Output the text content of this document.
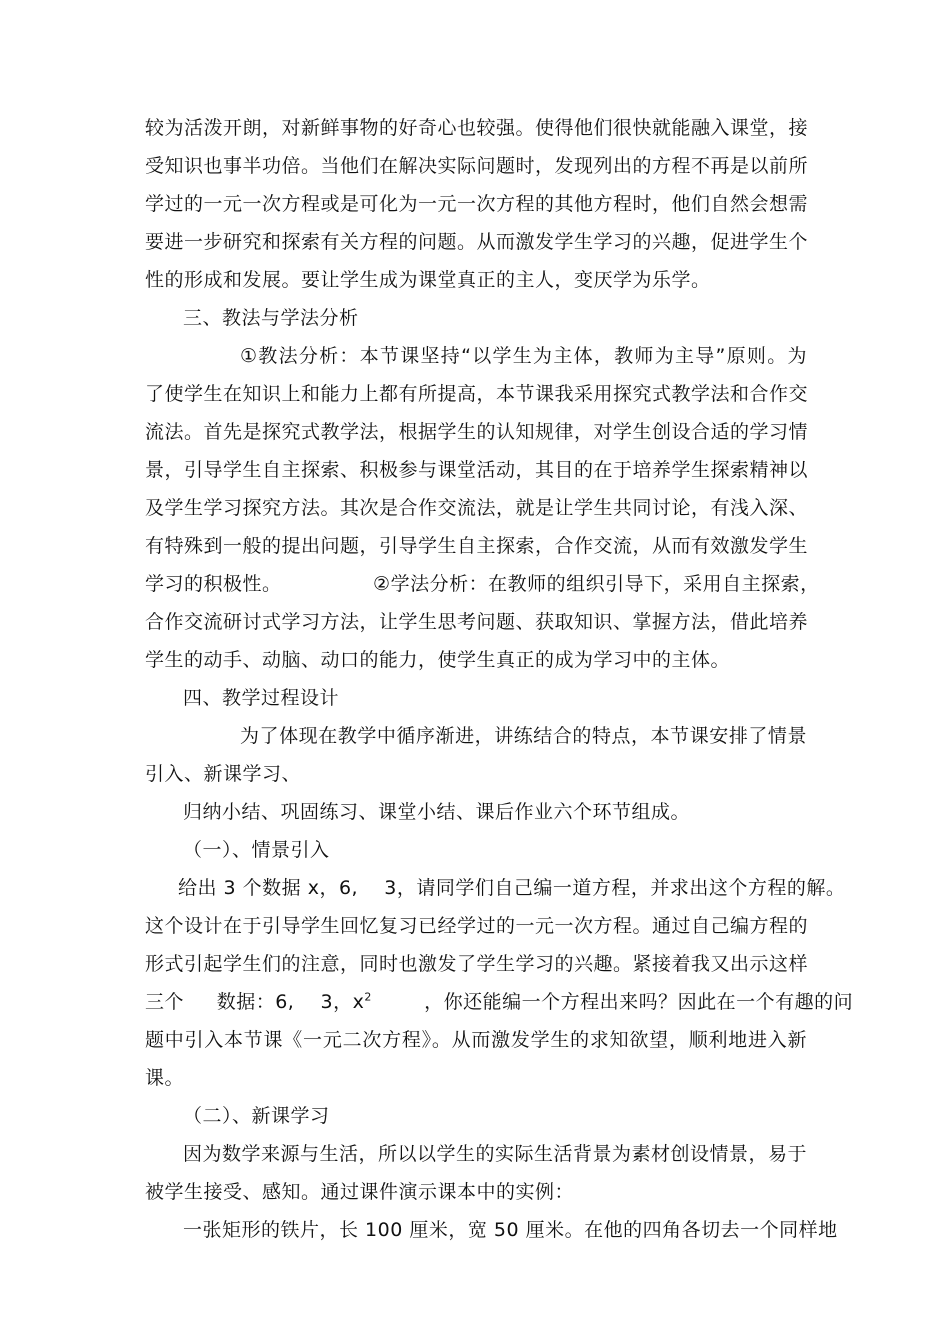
较为活泼开朗，对新鲜事物的好奇心也较强。使得他们很快就能融入课堂，接
受知识也事半功倍。当他们在解决实际问题时，发现列出的方程不再是以前所
学过的一元一次方程或是可化为一元一次方程的其他方程时，他们自然会想需
要进一步研究和探索有关方程的问题。从而激发学生学习的兴趣，促进学生个
性的形成和发展。要让学生成为课堂真正的主人，变厌学为乐学。
三、教法与学法分析
①教法分析：本节课坚持“以学生为主体，教师为主导”原则。为
了使学生在知识上和能力上都有所提高，本节课我采用探究式教学法和合作交
流法。首先是探究式教学法，根据学生的认知规律，对学生创设合适的学习情
景，引导学生自主探索、积极参与课堂活动，其目的在于培养学生探索精神以
及学生学习探究方法。其次是合作交流法，就是让学生共同讨论，有浅入深、
有特殊到一般的提出问题，引导学生自主探索，合作交流，从而有效激发学生
学习的积极性。              ②学法分析：在教师的组织引导下，采用自主探索，
合作交流研讨式学习方法，让学生思考问题、获取知识、掌握方法，借此培养
学生的动手、动脑、动口的能力，使学生真正的成为学习中的主体。
四、教学过程设计
为了体现在教学中循序渐进，讲练结合的特点，本节课安排了情景
引入、新课学习、
归纳小结、巩固练习、课堂小结、课后作业六个环节组成。
（一）、情景引入
给出 3 个数据 x，6,    3，请同学们自己编一道方程，并求出这个方程的解。
这个设计在于引导学生回忆复习已经学过的一元一次方程。通过自己编方程的
形式引起学生们的注意，同时也激发了学生学习的兴趣。紧接着我又出示这样
三个     数据：6,    3，$x^2$	，你还能编一个方程出来吗？因此在一个有趣的问
题中引入本节课《一元二次方程》。从而激发学生的求知欲望，顺利地进入新
课。
（二）、新课学习
因为数学来源与生活，所以以学生的实际生活背景为素材创设情景，易于
被学生接受、感知。通过课件演示课本中的实例：
一张矩形的铁片，长 100 厘米，宽 50 厘米。在他的四角各切去一个同样地
